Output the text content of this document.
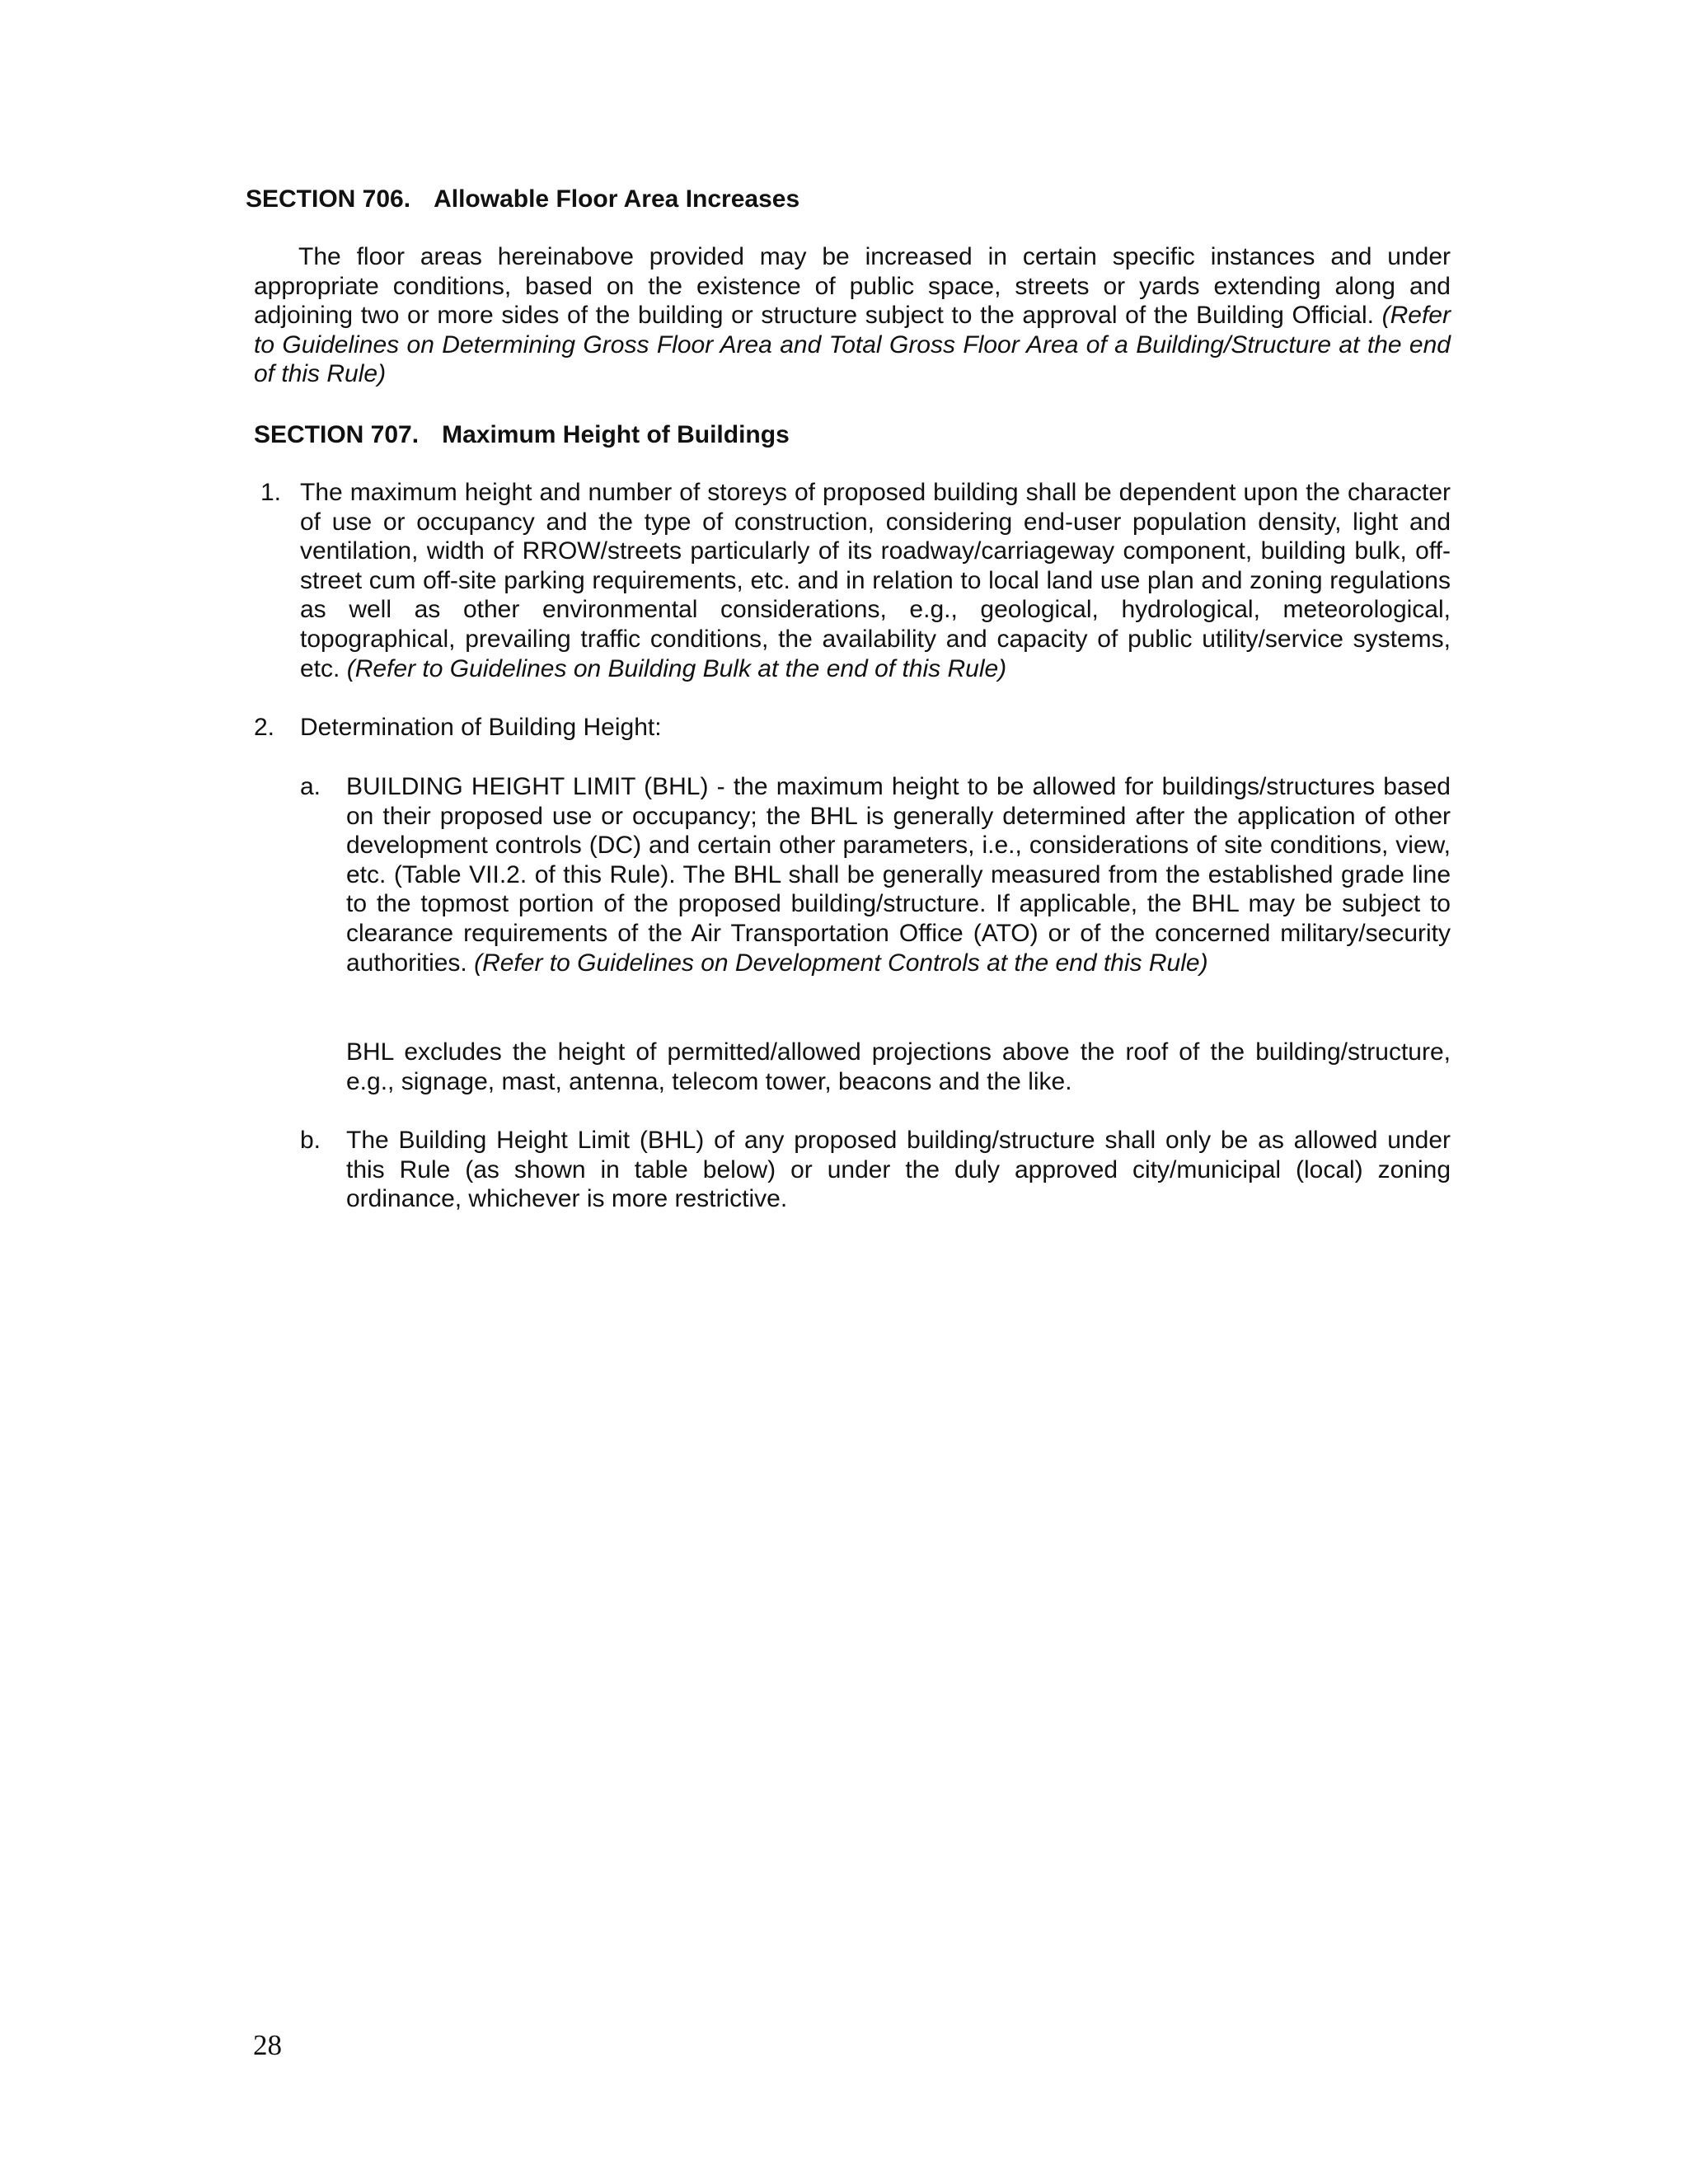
SECTION 706. Allowable Floor Area Increases

The floor areas hereinabove provided may be increased in certain specific instances and under appropriate conditions, based on the existence of public space, streets or yards extending along and adjoining two or more sides of the building or structure subject to the approval of the Building Official. (Refer to Guidelines on Determining Gross Floor Area and Total Gross Floor Area of a Building/Structure at the end of this Rule)

SECTION 707. Maximum Height of Buildings
1. The maximum height and number of storeys of proposed building shall be dependent upon the character of use or occupancy and the type of construction, considering end-user population density, light and ventilation, width of RROW/streets particularly of its roadway/carriageway component, building bulk, off-street cum off-site parking requirements, etc. and in relation to local land use plan and zoning regulations as well as other environmental considerations, e.g., geological, hydrological, meteorological, topographical, prevailing traffic conditions, the availability and capacity of public utility/service systems, etc. (Refer to Guidelines on Building Bulk at the end of this Rule)

2. Determination of Building Height:

a. BUILDING HEIGHT LIMIT (BHL) - the maximum height to be allowed for buildings/structures based on their proposed use or occupancy; the BHL is generally determined after the application of other development controls (DC) and certain other parameters, i.e., considerations of site conditions, view, etc. (Table VII.2. of this Rule). The BHL shall be generally measured from the established grade line to the topmost portion of the proposed building/structure. If applicable, the BHL may be subject to clearance requirements of the Air Transportation Office (ATO) or of the concerned military/security authorities. (Refer to Guidelines on Development Controls at the end this Rule)

BHL excludes the height of permitted/allowed projections above the roof of the building/structure, e.g., signage, mast, antenna, telecom tower, beacons and the like.

b. The Building Height Limit (BHL) of any proposed building/structure shall only be as allowed under this Rule (as shown in table below) or under the duly approved city/municipal (local) zoning ordinance, whichever is more restrictive.

28
